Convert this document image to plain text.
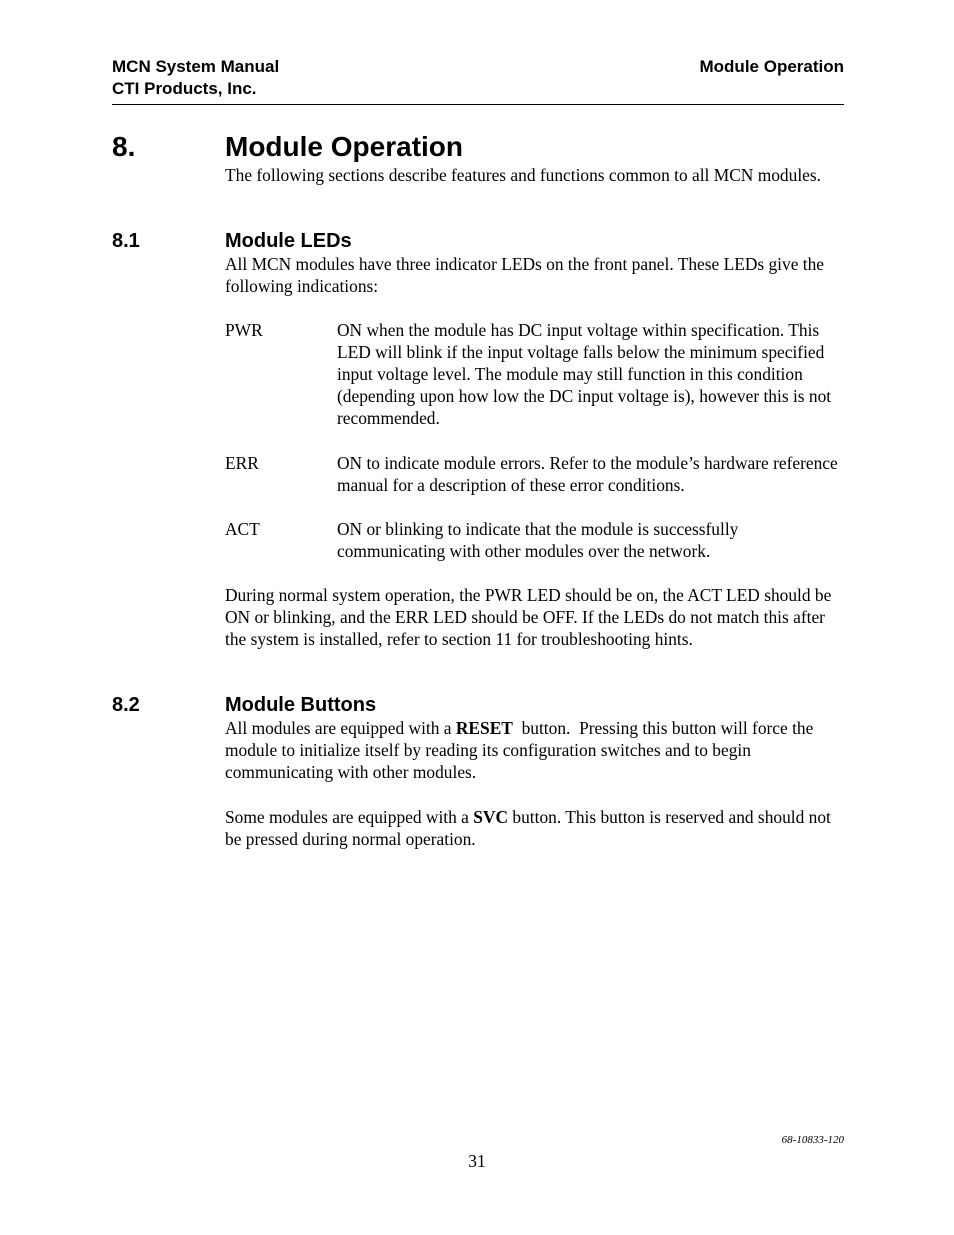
MCN System Manual
CTI Products, Inc.
Module Operation
8.	Module Operation

The following sections describe features and functions common to all MCN modules.

8.1	Module LEDs

All MCN modules have three indicator LEDs on the front panel. These LEDs give the following indications:

PWR	ON when the module has DC input voltage within specification. This LED will blink if the input voltage falls below the minimum specified input voltage level. The module may still function in this condition (depending upon how low the DC input voltage is), however this is not recommended.

ERR	ON to indicate module errors. Refer to the module’s hardware reference manual for a description of these error conditions.

ACT	ON or blinking to indicate that the module is successfully communicating with other modules over the network.

During normal system operation, the PWR LED should be on, the ACT LED should be ON or blinking, and the ERR LED should be OFF. If the LEDs do not match this after the system is installed, refer to section 11 for troubleshooting hints.

8.2	Module Buttons

All modules are equipped with a RESET  button.  Pressing this button will force the module to initialize itself by reading its configuration switches and to begin communicating with other modules.

Some modules are equipped with a SVC button. This button is reserved and should not be pressed during normal operation.

68-10833-120
31
